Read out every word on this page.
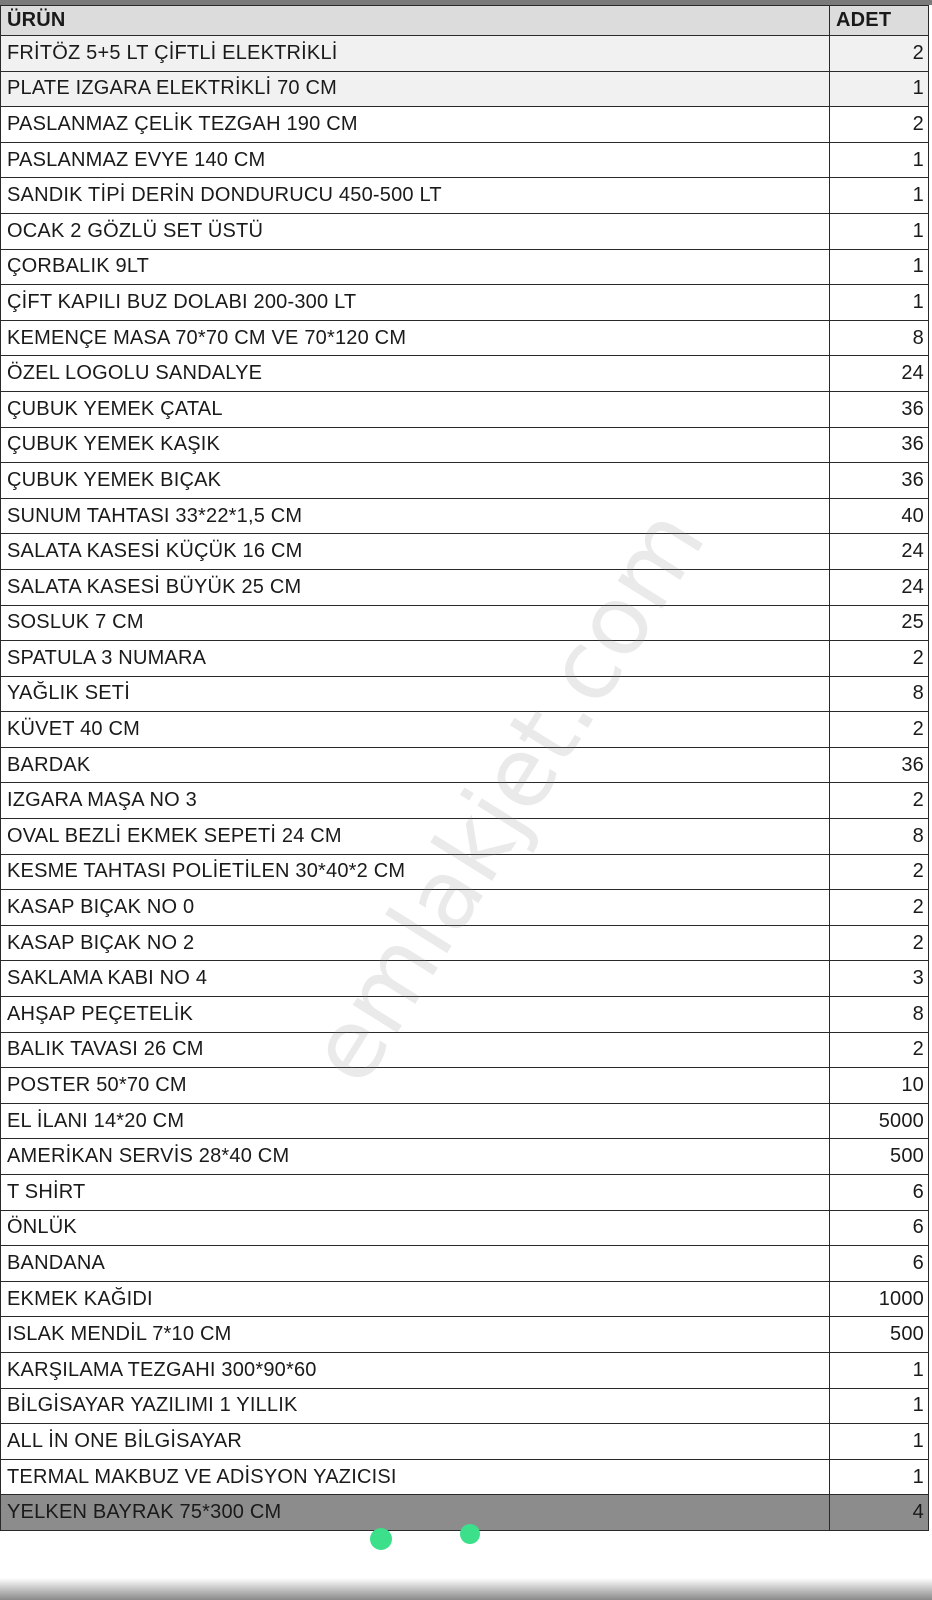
ÜRÜN	ADET
FRİTÖZ 5+5 LT ÇİFTLİ ELEKTRİKLİ	2
PLATE IZGARA ELEKTRİKLİ 70 CM	1
PASLANMAZ ÇELİK TEZGAH 190 CM	2
PASLANMAZ EVYE 140 CM	1
SANDIK TİPİ DERİN DONDURUCU 450-500 LT	1
OCAK 2 GÖZLÜ SET ÜSTÜ	1
ÇORBALIK 9LT	1
ÇİFT KAPILI BUZ DOLABI 200-300 LT	1
KEMENÇE MASA 70*70 CM VE 70*120 CM	8
ÖZEL LOGOLU SANDALYE	24
ÇUBUK YEMEK ÇATAL	36
ÇUBUK YEMEK KAŞIK	36
ÇUBUK YEMEK BIÇAK	36
SUNUM TAHTASI 33*22*1,5 CM	40
SALATA KASESİ KÜÇÜK 16 CM	24
SALATA KASESİ BÜYÜK 25 CM	24
SOSLUK 7 CM	25
SPATULA 3 NUMARA	2
YAĞLIK SETİ	8
KÜVET 40 CM	2
BARDAK	36
IZGARA MAŞA NO 3	2
OVAL BEZLİ EKMEK SEPETİ 24 CM	8
KESME TAHTASI POLİETİLEN 30*40*2 CM	2
KASAP BIÇAK NO 0	2
KASAP BIÇAK NO 2	2
SAKLAMA KABI NO 4	3
AHŞAP PEÇETELİK	8
BALIK TAVASI 26 CM	2
POSTER 50*70 CM	10
EL İLANI 14*20 CM	5000
AMERİKAN SERVİS 28*40 CM	500
T SHİRT	6
ÖNLÜK	6
BANDANA	6
EKMEK KAĞIDI	1000
ISLAK MENDİL 7*10 CM	500
KARŞILAMA TEZGAHI 300*90*60	1
BİLGİSAYAR YAZILIMI 1 YILLIK	1
ALL İN ONE BİLGİSAYAR	1
TERMAL MAKBUZ VE ADİSYON YAZICISI	1
YELKEN BAYRAK 75*300 CM	4
emlakjet.com
